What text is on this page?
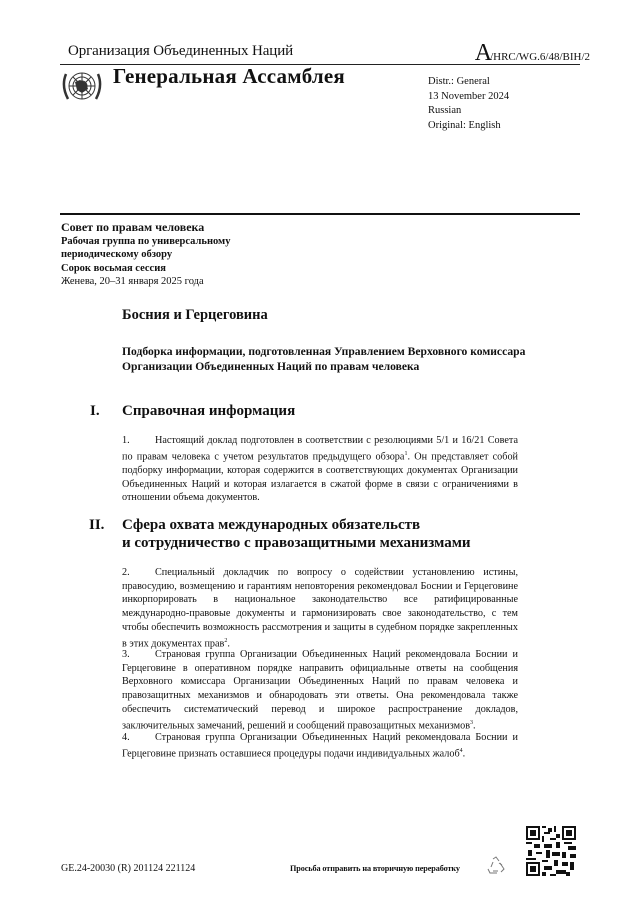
Организация Объединенных Наций	A/HRC/WG.6/48/BIH/2
Генеральная Ассамблея	Distr.: General
13 November 2024
Russian
Original: English
Совет по правам человека
Рабочая группа по универсальному
периодическому обзору
Сорок восьмая сессия
Женева, 20–31 января 2025 года
Босния и Герцеговина
Подборка информации, подготовленная Управлением Верховного комиссара Организации Объединенных Наций по правам человека
I. Справочная информация
1. Настоящий доклад подготовлен в соответствии с резолюциями 5/1 и 16/21 Совета по правам человека с учетом результатов предыдущего обзора$^1$. Он представляет собой подборку информации, которая содержится в соответствующих документах Организации Объединенных Наций и которая излагается в сжатой форме в связи с ограничениями в отношении объема документов.
II. Сфера охвата международных обязательств
и сотрудничество с правозащитными механизмами
2. Специальный докладчик по вопросу о содействии установлению истины, правосудию, возмещению и гарантиям неповторения рекомендовал Боснии и Герцеговине инкорпорировать в национальное законодательство все ратифицированные международно-правовые документы и гармонизировать свое законодательство, с тем чтобы обеспечить возможность рассмотрения и защиты в судебном порядке закрепленных в этих документах прав$^2$.
3. Страновая группа Организации Объединенных Наций рекомендовала Боснии и Герцеговине в оперативном порядке направить официальные ответы на сообщения Верховного комиссара Организации Объединенных Наций по правам человека и правозащитных механизмов и обнародовать эти ответы. Она рекомендовала также обеспечить систематический перевод и широкое распространение докладов, заключительных замечаний, решений и сообщений правозащитных механизмов$^3$.
4. Страновая группа Организации Объединенных Наций рекомендовала Боснии и Герцеговине признать оставшиеся процедуры подачи индивидуальных жалоб$^4$.
GE.24-20030 (R) 201124 221124	Просьба отправить на вторичную переработку
